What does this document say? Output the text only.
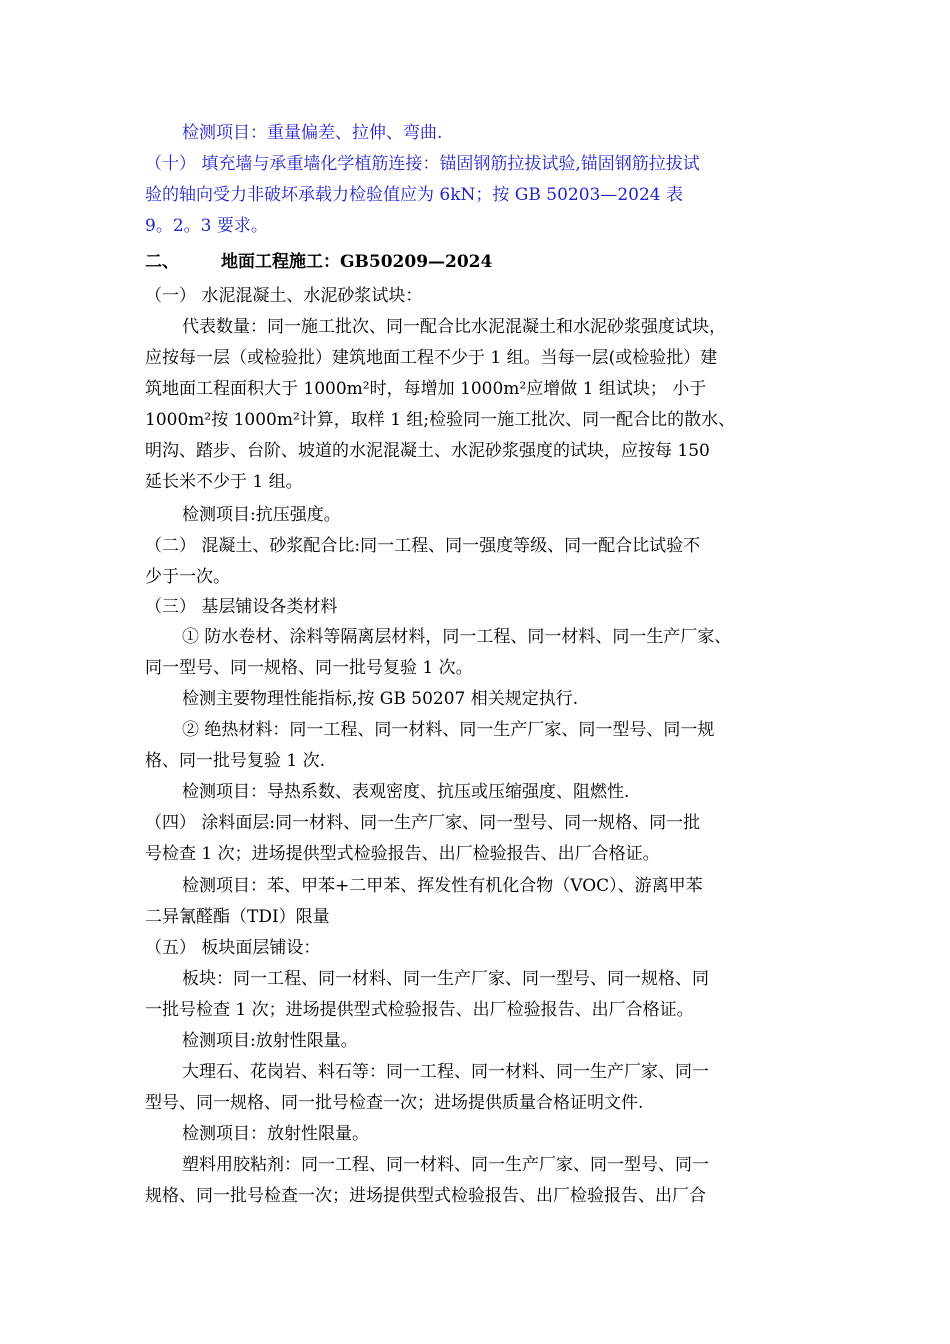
检测项目：重量偏差、拉伸、弯曲.

（十） 填充墙与承重墙化学植筋连接：锚固钢筋拉拔试验,锚固钢筋拉拔试
验的轴向受力非破坏承载力检验值应为 6kN；按 GB 50203—2024 表
9。2。3 要求。

二、 地面工程施工：GB50209—2024

（一） 水泥混凝土、水泥砂浆试块：

代表数量：同一施工批次、同一配合比水泥混凝土和水泥砂浆强度试块，
应按每一层（或检验批）建筑地面工程不少于 1 组。当每一层(或检验批）建
筑地面工程面积大于 1000m²时，每增加 1000m²应增做 1 组试块； 小于
1000m²按 1000m²计算，取样 1 组;检验同一施工批次、同一配合比的散水、
明沟、踏步、台阶、坡道的水泥混凝土、水泥砂浆强度的试块，应按每 150
延长米不少于 1 组。

检测项目:抗压强度。

（二） 混凝土、砂浆配合比:同一工程、同一强度等级、同一配合比试验不
少于一次。

（三） 基层铺设各类材料

① 防水卷材、涂料等隔离层材料，同一工程、同一材料、同一生产厂家、
同一型号、同一规格、同一批号复验 1 次。

检测主要物理性能指标,按 GB 50207 相关规定执行.

② 绝热材料：同一工程、同一材料、同一生产厂家、同一型号、同一规
格、同一批号复验 1 次.

检测项目：导热系数、表观密度、抗压或压缩强度、阻燃性.

（四） 涂料面层:同一材料、同一生产厂家、同一型号、同一规格、同一批
号检查 1 次；进场提供型式检验报告、出厂检验报告、出厂合格证。

检测项目：苯、甲苯+二甲苯、挥发性有机化合物（VOC）、游离甲苯
二异氰醛酯（TDI）限量

（五） 板块面层铺设：

板块：同一工程、同一材料、同一生产厂家、同一型号、同一规格、同
一批号检查 1 次；进场提供型式检验报告、出厂检验报告、出厂合格证。

检测项目:放射性限量。

大理石、花岗岩、料石等：同一工程、同一材料、同一生产厂家、同一
型号、同一规格、同一批号检查一次；进场提供质量合格证明文件.

检测项目：放射性限量。

塑料用胶粘剂：同一工程、同一材料、同一生产厂家、同一型号、同一
规格、同一批号检查一次；进场提供型式检验报告、出厂检验报告、出厂合
